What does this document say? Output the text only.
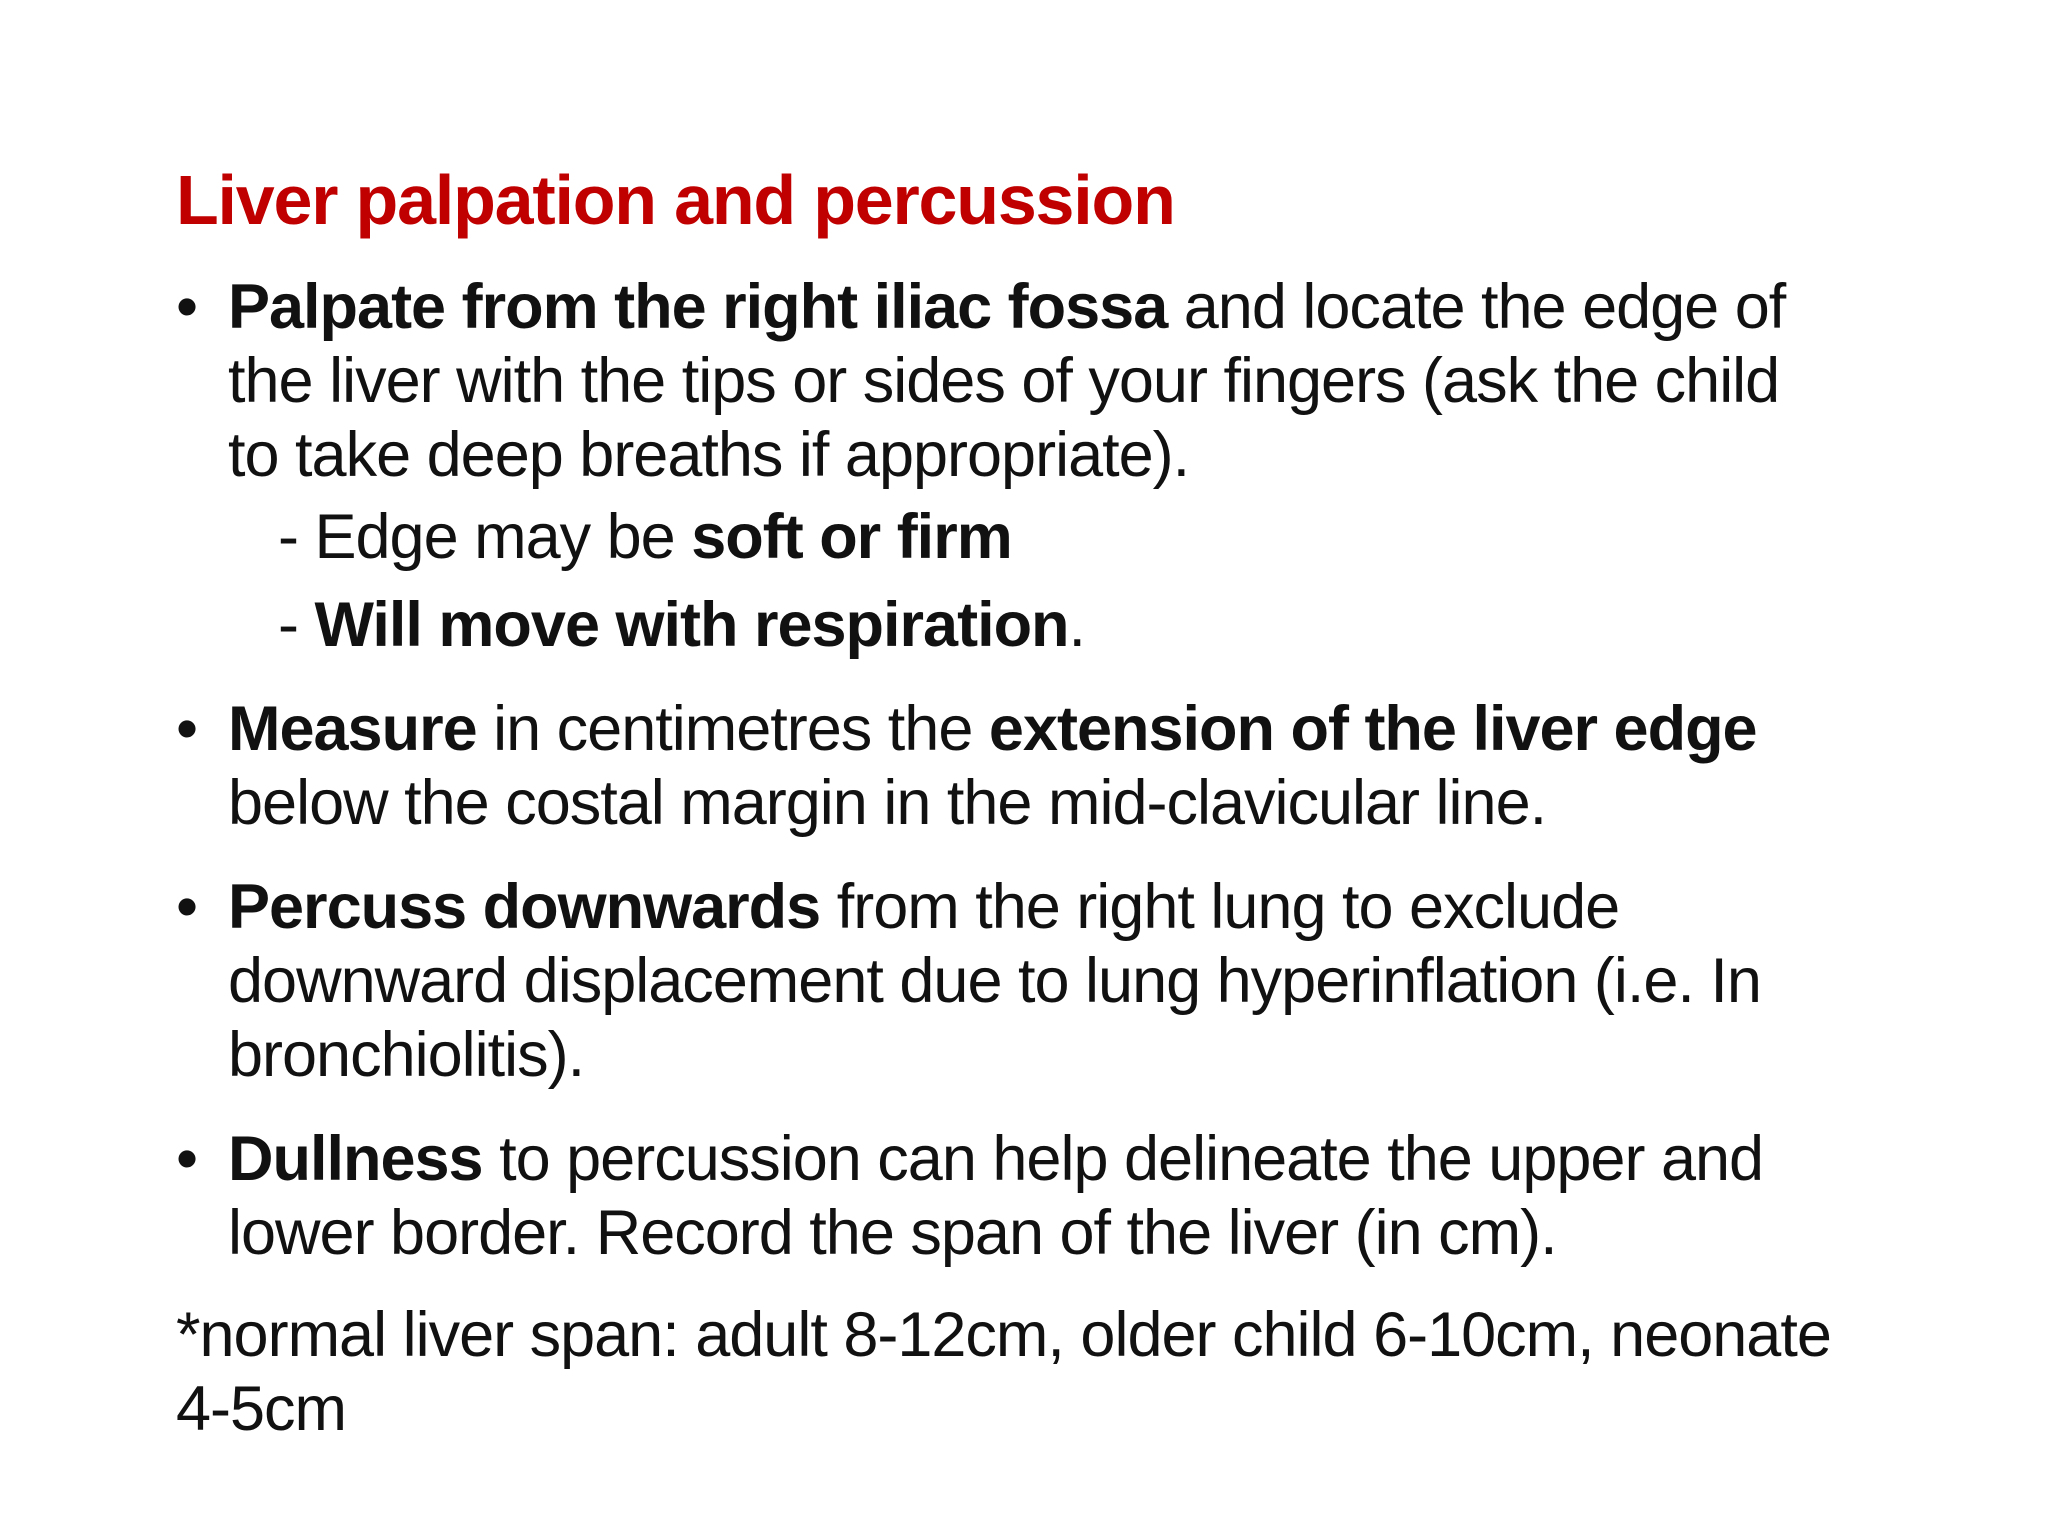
Liver palpation and percussion

• Palpate from the right iliac fossa and locate the edge of the liver with the tips or sides of your fingers (ask the child to take deep breaths if appropriate).

- Edge may be soft or firm

- Will move with respiration.

• Measure in centimetres the extension of the liver edge below the costal margin in the mid-clavicular line.

• Percuss downwards from the right lung to exclude downward displacement due to lung hyperinflation (i.e. In bronchiolitis).

• Dullness to percussion can help delineate the upper and lower border. Record the span of the liver (in cm).

*normal liver span: adult 8-12cm, older child 6-10cm, neonate 4-5cm
